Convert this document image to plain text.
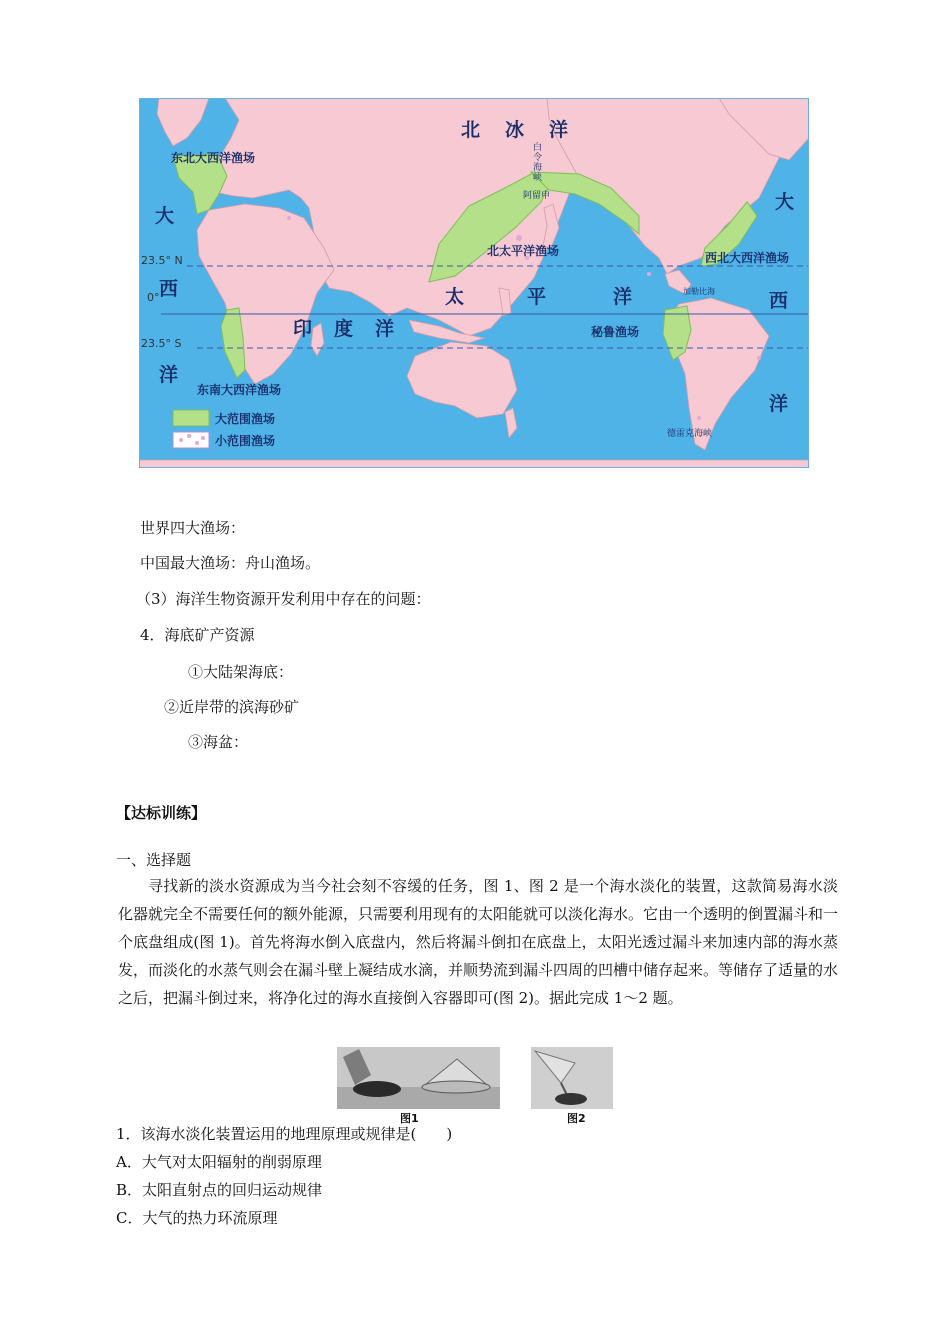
23.5° N
0°
23.5° S
北 冰 洋
太	平	洋
印 度 洋
大
西
洋
大
西
洋
东北大西洋渔场
北太平洋渔场	西北大西洋渔场
秘鲁渔场
东南大西洋渔场
白
令
海
峡
阿留申
加勒比海
德雷克海峡
大范围渔场
小范围渔场
世界四大渔场：
中国最大渔场：舟山渔场。
（3）海洋生物资源开发利用中存在的问题：
4．海底矿产资源
①大陆架海底：
②近岸带的滨海砂矿
③海盆：
【达标训练】
一、选择题
寻找新的淡水资源成为当今社会刻不容缓的任务，图 1、图 2 是一个海水淡化的装置，这款简易海水淡化器就完全不需要任何的额外能源，只需要利用现有的太阳能就可以淡化海水。它由一个透明的倒置漏斗和一个底盘组成(图 1)。首先将海水倒入底盘内，然后将漏斗倒扣在底盘上，太阳光透过漏斗来加速内部的海水蒸发，而淡化的水蒸气则会在漏斗壁上凝结成水滴，并顺势流到漏斗四周的凹槽中储存起来。等储存了适量的水之后，把漏斗倒过来，将净化过的海水直接倒入容器即可(图 2)。据此完成 1～2 题。
图1	图2
1．该海水淡化装置运用的地理原理或规律是(　　)
A．大气对太阳辐射的削弱原理
B．太阳直射点的回归运动规律
C．大气的热力环流原理
